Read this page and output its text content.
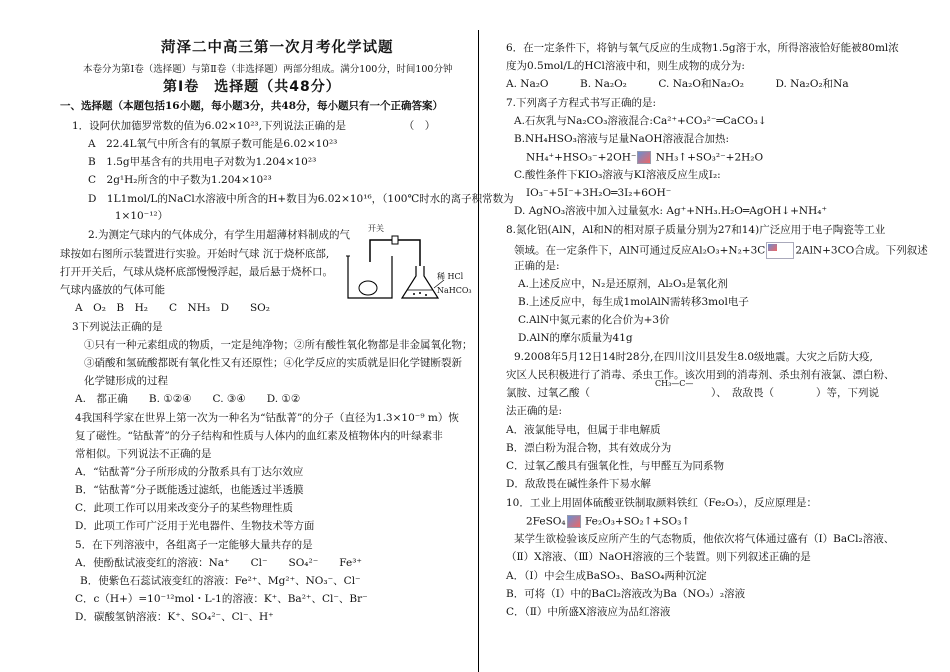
菏泽二中高三第一次月考化学试题
本卷分为第Ⅰ卷（选择题）与第Ⅱ卷（非选择题）两部分组成。满分100分，时间100分钟
第Ⅰ卷　选择题（共48分）
一、选择题（本题包括16小题，每小题3分，共48分，每小题只有一个正确答案）
1．设阿伏加德罗常数的值为6.02×10²³,下列说法正确的是　　　　　　（　）
A　22.4L氧气中所含有的氧原子数可能是6.02×10²³
B　1.5g甲基含有的共用电子对数为1.204×10²³
C　2g¹H₂所含的中子数为1.204×10²³
D　1L1mol/L的NaCl水溶液中所含的H+数目为6.02×10¹⁶，（100℃时水的离子积常数为
　 1×10⁻¹²）
2.为测定气球内的气体成分，有学生用超薄材料制成的气
球按如右图所示装置进行实验。开始时气球 沉于烧杯底部,
打开开关后，气球从烧杯底部慢慢浮起，最后悬于烧杯口。
气球内盛放的气体可能
A　O₂　B　H₂　　C　NH₃　D　　SO₂
开关
稀 HCl
NaHCO₃
3下列说法正确的是
①只有一种元素组成的物质，一定是纯净物；②所有酸性氧化物都是非金属氧化物；
③硝酸和氢硫酸都既有氧化性又有还原性；④化学反应的实质就是旧化学键断裂新
化学键形成的过程
A.　都正确　　B. ①②④　　C. ③④　　D. ①②
4我国科学家在世界上第一次为一种名为“钴酞菁”的分子（直径为1.3×10⁻⁹ m）恢
复了磁性。“钴酞菁”的分子结构和性质与人体内的血红素及植物体内的叶绿素非
常相似。下列说法不正确的是
A．“钴酞菁”分子所形成的分散系具有丁达尔效应
B．“钴酞菁”分子既能透过滤纸，也能透过半透膜
C．此项工作可以用来改变分子的某些物理性质
D．此项工作可广泛用于光电器件、生物技术等方面
5．在下列溶液中，各组离子一定能够大量共存的是
A．使酚酞试液变红的溶液：Na⁺　　Cl⁻　　SO₄²⁻　　Fe³⁺
B．使紫色石蕊试液变红的溶液：Fe²⁺、Mg²⁺、NO₃⁻、Cl⁻
C．c（H+）=10⁻¹²mol・L-1的溶液：K⁺、Ba²⁺、Cl⁻、Br⁻
D．碳酸氢钠溶液：K⁺、SO₄²⁻、Cl⁻、H⁺
6．在一定条件下，将钠与氧气反应的生成物1.5g溶于水，所得溶液恰好能被80ml浓
度为0.5mol/L的HCl溶液中和，则生成物的成分为:
A. Na₂O　　　B. Na₂O₂　　　C. Na₂O和Na₂O₂　　　D. Na₂O₂和Na
7.下列离子方程式书写正确的是:
A.石灰乳与Na₂CO₃溶液混合:Ca²⁺+CO₃²⁻═CaCO₃↓
B.NH₄HSO₃溶液与足量NaOH溶液混合加热:
NH₄⁺+HSO₃⁻+2OH⁻ NH₃↑+SO₃²⁻+2H₂O
C.酸性条件下KIO₃溶液与KI溶液反应生成I₂:
IO₃⁻+5I⁻+3H₂O═3I₂+6OH⁻
D. AgNO₃溶液中加入过量氨水: Ag⁺+NH₃.H₂O═AgOH↓+NH₄⁺
8.氮化铝(AlN，Al和N的相对原子质量分别为27和14)广泛应用于电子陶瓷等工业
领域。在一定条件下，AlN可通过反应Al₂O₃+N₂+3C	2AlN+3CO合成。下列叙述
正确的是:
A.上述反应中，N₂是还原剂，Al₂O₃是氧化剂
B.上述反应中，每生成1molAlN需转移3mol电子
C.AlN中氮元素的化合价为+3价
D.AlN的摩尔质量为41g
9.2008年5月12日14时28分,在四川汶川县发生8.0级地震。大灾之后防大疫,
灾区人民积极进行了消毒、杀虫工作。该次用到的消毒剂、杀虫剂有液氯、漂白粉、
CH₃—C—
氯胺、过氧乙酸（	）、　敌敌畏（　　　　）等，下列说
法正确的是:
A．液氯能导电，但属于非电解质
B．漂白粉为混合物，其有效成分为
C．过氧乙酸具有强氧化性，与甲醛互为同系物
D．敌敌畏在碱性条件下易水解
10．工业上用固体硫酸亚铁制取颜料铁红（Fe₂O₃），反应原理是：
2FeSO₄ Fe₂O₃+SO₂↑+SO₃↑
某学生欲检验该反应所产生的气态物质，他依次将气体通过盛有（Ⅰ）BaCl₂溶液、
（Ⅱ）X溶液、（Ⅲ）NaOH溶液的三个装置。则下列叙述正确的是
A．（Ⅰ）中会生成BaSO₃、BaSO₄两种沉淀
B．可将（Ⅰ）中的BaCl₂溶液改为Ba（NO₃）₂溶液
C．（Ⅱ）中所盛X溶液应为品红溶液
